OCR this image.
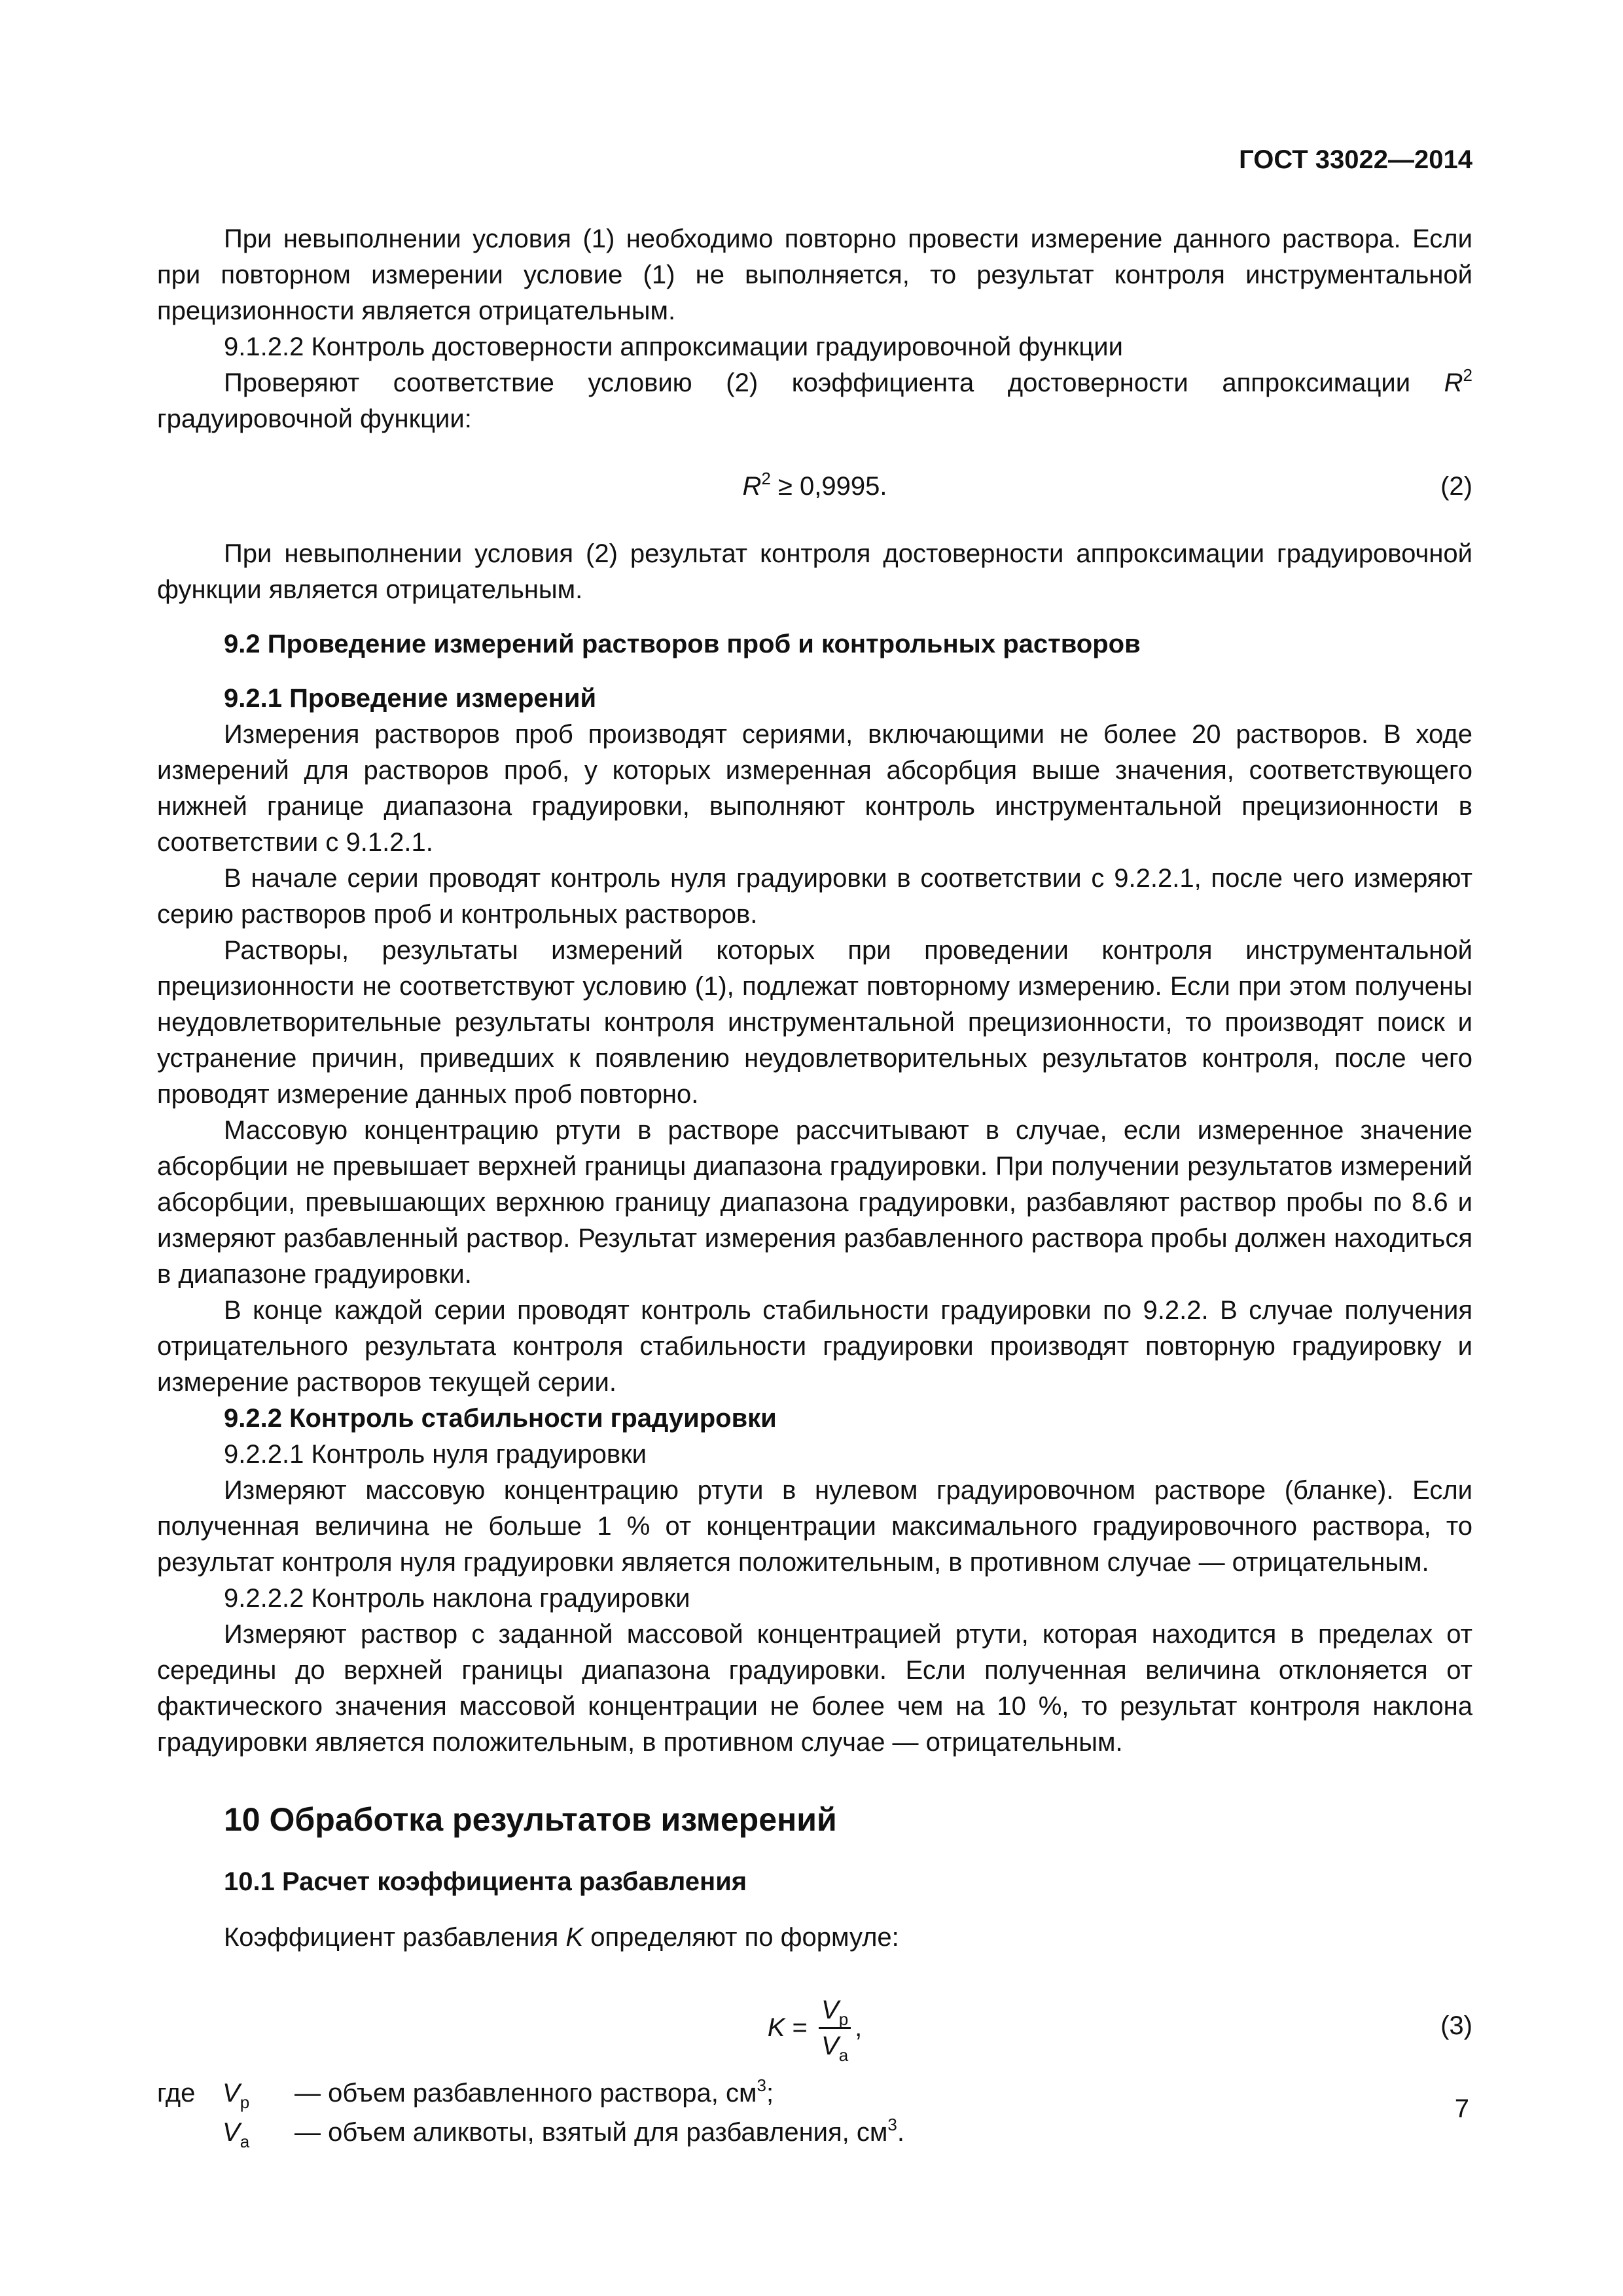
ГОСТ 33022—2014

При невыполнении условия (1) необходимо повторно провести измерение данного раствора. Если при повторном измерении условие (1) не выполняется, то результат контроля инструментальной прецизионности является отрицательным.

9.1.2.2 Контроль достоверности аппроксимации градуировочной функции

Проверяют соответствие условию (2) коэффициента достоверности аппроксимации $R^2$ градуировочной функции:

$R^2 \ge 0,9995$.	(2)

При невыполнении условия (2) результат контроля достоверности аппроксимации градуировочной функции является отрицательным.

9.2 Проведение измерений растворов проб и контрольных растворов

9.2.1 Проведение измерений

Измерения растворов проб производят сериями, включающими не более 20 растворов. В ходе измерений для растворов проб, у которых измеренная абсорбция выше значения, соответствующего нижней границе диапазона градуировки, выполняют контроль инструментальной прецизионности в соответствии с 9.1.2.1.

В начале серии проводят контроль нуля градуировки в соответствии с 9.2.2.1, после чего измеряют серию растворов проб и контрольных растворов.

Растворы, результаты измерений которых при проведении контроля инструментальной прецизионности не соответствуют условию (1), подлежат повторному измерению. Если при этом получены неудовлетворительные результаты контроля инструментальной прецизионности, то производят поиск и устранение причин, приведших к появлению неудовлетворительных результатов контроля, после чего проводят измерение данных проб повторно.

Массовую концентрацию ртути в растворе рассчитывают в случае, если измеренное значение абсорбции не превышает верхней границы диапазона градуировки. При получении результатов измерений абсорбции, превышающих верхнюю границу диапазона градуировки, разбавляют раствор пробы по 8.6 и измеряют разбавленный раствор. Результат измерения разбавленного раствора пробы должен находиться в диапазоне градуировки.

В конце каждой серии проводят контроль стабильности градуировки по 9.2.2. В случае получения отрицательного результата контроля стабильности градуировки производят повторную градуировку и измерение растворов текущей серии.

9.2.2 Контроль стабильности градуировки

9.2.2.1 Контроль нуля градуировки

Измеряют массовую концентрацию ртути в нулевом градуировочном растворе (бланке). Если полученная величина не больше 1 % от концентрации максимального градуировочного раствора, то результат контроля нуля градуировки является положительным, в противном случае — отрицательным.

9.2.2.2 Контроль наклона градуировки

Измеряют раствор с заданной массовой концентрацией ртути, которая находится в пределах от середины до верхней границы диапазона градуировки. Если полученная величина отклоняется от фактического значения массовой концентрации не более чем на 10 %, то результат контроля наклона градуировки является положительным, в противном случае — отрицательным.

10 Обработка результатов измерений

10.1 Расчет коэффициента разбавления

Коэффициент разбавления K определяют по формуле:

$K = \frac{V_р}{V_а}$ ,	(3)
где	$V_р$	— объем разбавленного раствора, $см^3$;
$V_а$	— объем аликвоты, взятый для разбавления, $см^3$.
7
